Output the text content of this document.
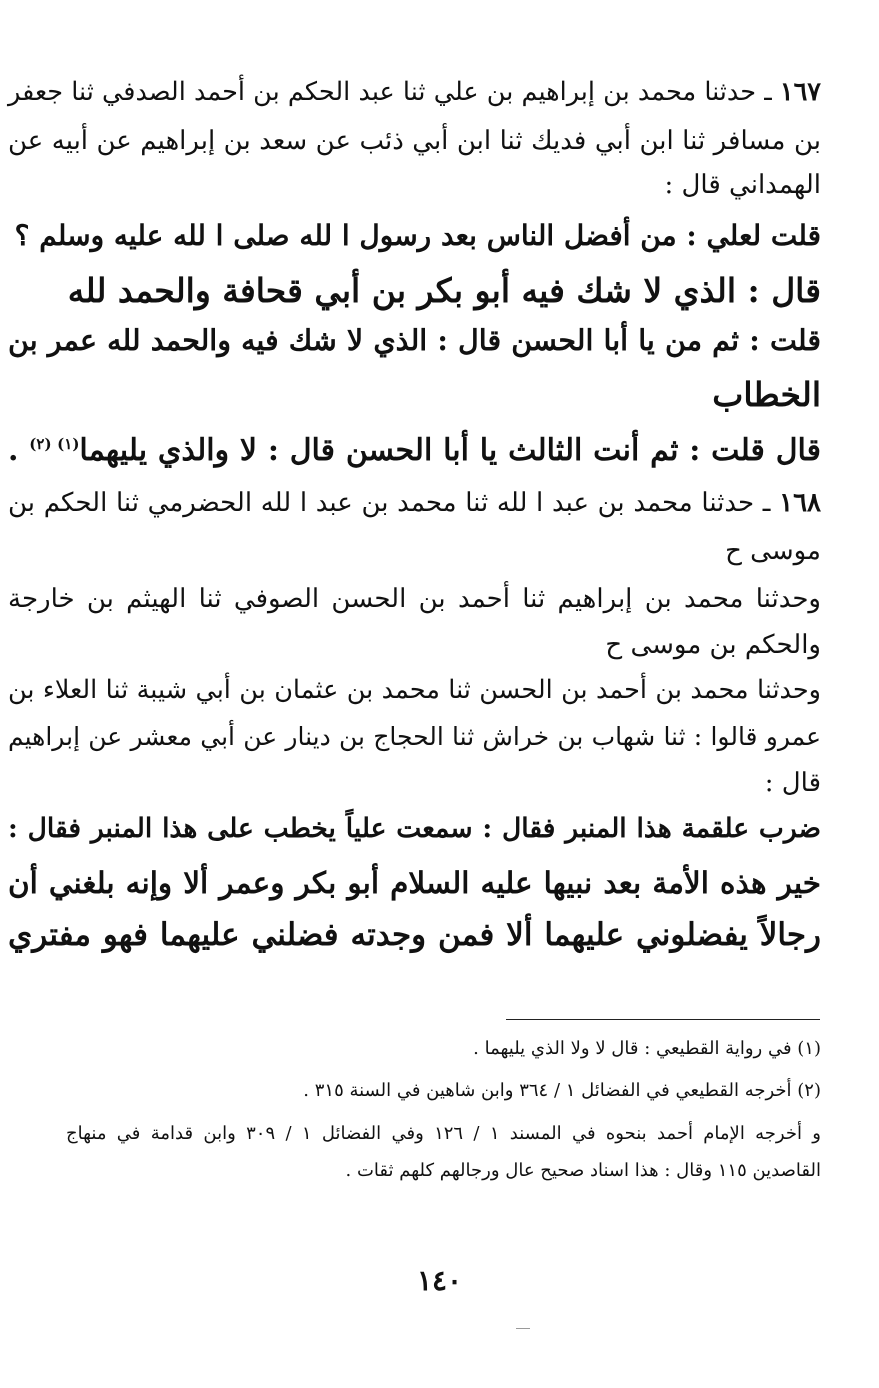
١٦٧ ـ حدثنا محمد بن إبراهيم بن علي ثنا عبد الحكم بن أحمد الصدفي ثنا جعفر
بن مسافر ثنا ابن أبي فديك ثنا ابن أبي ذئب عن سعد بن إبراهيم عن أبيه عن
الهمداني قال :
قلت لعلي : من أفضل الناس بعد رسول ا لله صلى ا لله عليه وسلم ؟
قال : الذي لا شك فيه أبو بكر بن أبي قحافة والحمد لله
قلت : ثم من يا أبا الحسن قال : الذي لا شك فيه والحمد لله عمر بن
الخطاب
قال قلت : ثم أنت الثالث يا أبا الحسن قال : لا والذي يليهما$^{(١) (٢)}$ .
١٦٨ ـ حدثنا محمد بن عبد ا لله ثنا محمد بن عبد ا لله الحضرمي ثنا الحكم بن
موسى ح
وحدثنا محمد بن إبراهيم ثنا أحمد بن الحسن الصوفي ثنا الهيثم بن خارجة
والحكم بن موسى ح
وحدثنا محمد بن أحمد بن الحسن ثنا محمد بن عثمان بن أبي شيبة ثنا العلاء بن
عمرو قالوا : ثنا شهاب بن خراش ثنا الحجاج بن دينار عن أبي معشر عن إبراهيم
قال :
ضرب علقمة هذا المنبر فقال : سمعت علياً يخطب على هذا المنبر فقال :
خير هذه الأمة بعد نبيها عليه السلام أبو بكر وعمر ألا وإنه بلغني أن
رجالاً يفضلوني عليهما ألا فمن وجدته فضلني عليهما فهو مفتري
(١) في رواية القطيعي : قال لا ولا الذي يليهما .
(٢) أخرجه القطيعي في الفضائل ١ / ٣٦٤ وابن شاهين في السنة ٣١٥ .
و أخرجه الإمام أحمد بنحوه في المسند ١ / ١٢٦ وفي الفضائل ١ / ٣٠٩ وابن قدامة في منهاج
القاصدين ١١٥ وقال : هذا اسناد صحيح عال ورجالهم كلهم ثقات .
١٤٠
